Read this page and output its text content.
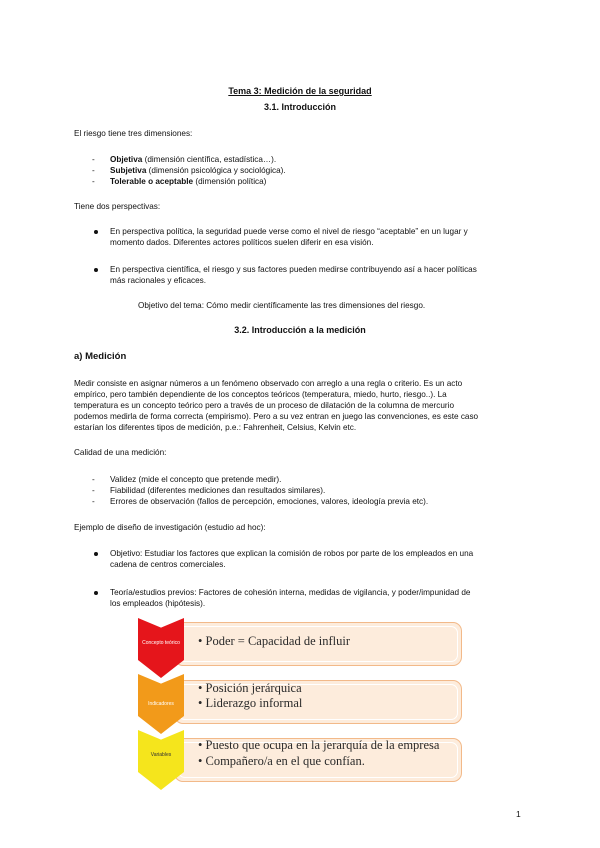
Tema 3: Medición de la seguridad
3.1. Introducción
El riesgo tiene tres dimensiones:
- Objetiva (dimensión científica, estadística…).
- Subjetiva (dimensión psicológica y sociológica).
- Tolerable o aceptable (dimensión política)
Tiene dos perspectivas:
En perspectiva política, la seguridad puede verse como el nivel de riesgo “aceptable” en un lugar y
momento dados. Diferentes actores políticos suelen diferir en esa visión.
En perspectiva científica, el riesgo y sus factores pueden medirse contribuyendo así a hacer políticas
más racionales y eficaces.
Objetivo del tema: Cómo medir científicamente las tres dimensiones del riesgo.
3.2. Introducción a la medición
a) Medición
Medir consiste en asignar números a un fenómeno observado con arreglo a una regla o criterio. Es un acto
empírico, pero también dependiente de los conceptos teóricos (temperatura, miedo, hurto, riesgo..). La
temperatura es un concepto teórico pero a través de un proceso de dilatación de la columna de mercurio
podemos medirla de forma correcta (empirismo). Pero a su vez entran en juego las convenciones, es este caso
estarían los diferentes tipos de medición, p.e.: Fahrenheit, Celsius, Kelvin etc.
Calidad de una medición:
- Validez (mide el concepto que pretende medir).
- Fiabilidad (diferentes mediciones dan resultados similares).
- Errores de observación (fallos de percepción, emociones, valores, ideología previa etc).
Ejemplo de diseño de investigación (estudio ad hoc):
Objetivo: Estudiar los factores que explican la comisión de robos por parte de los empleados en una
cadena de centros comerciales.
Teoría/estudios previos: Factores de cohesión interna, medidas de vigilancia, y poder/impunidad de
los empleados (hipótesis).
Concepto teórico	• Poder = Capacidad de influir
Indicadores
• Posición jerárquica
• Liderazgo informal
Variables
• Puesto que ocupa en la jerarquía de la empresa
• Compañero/a en el que confían.
1
